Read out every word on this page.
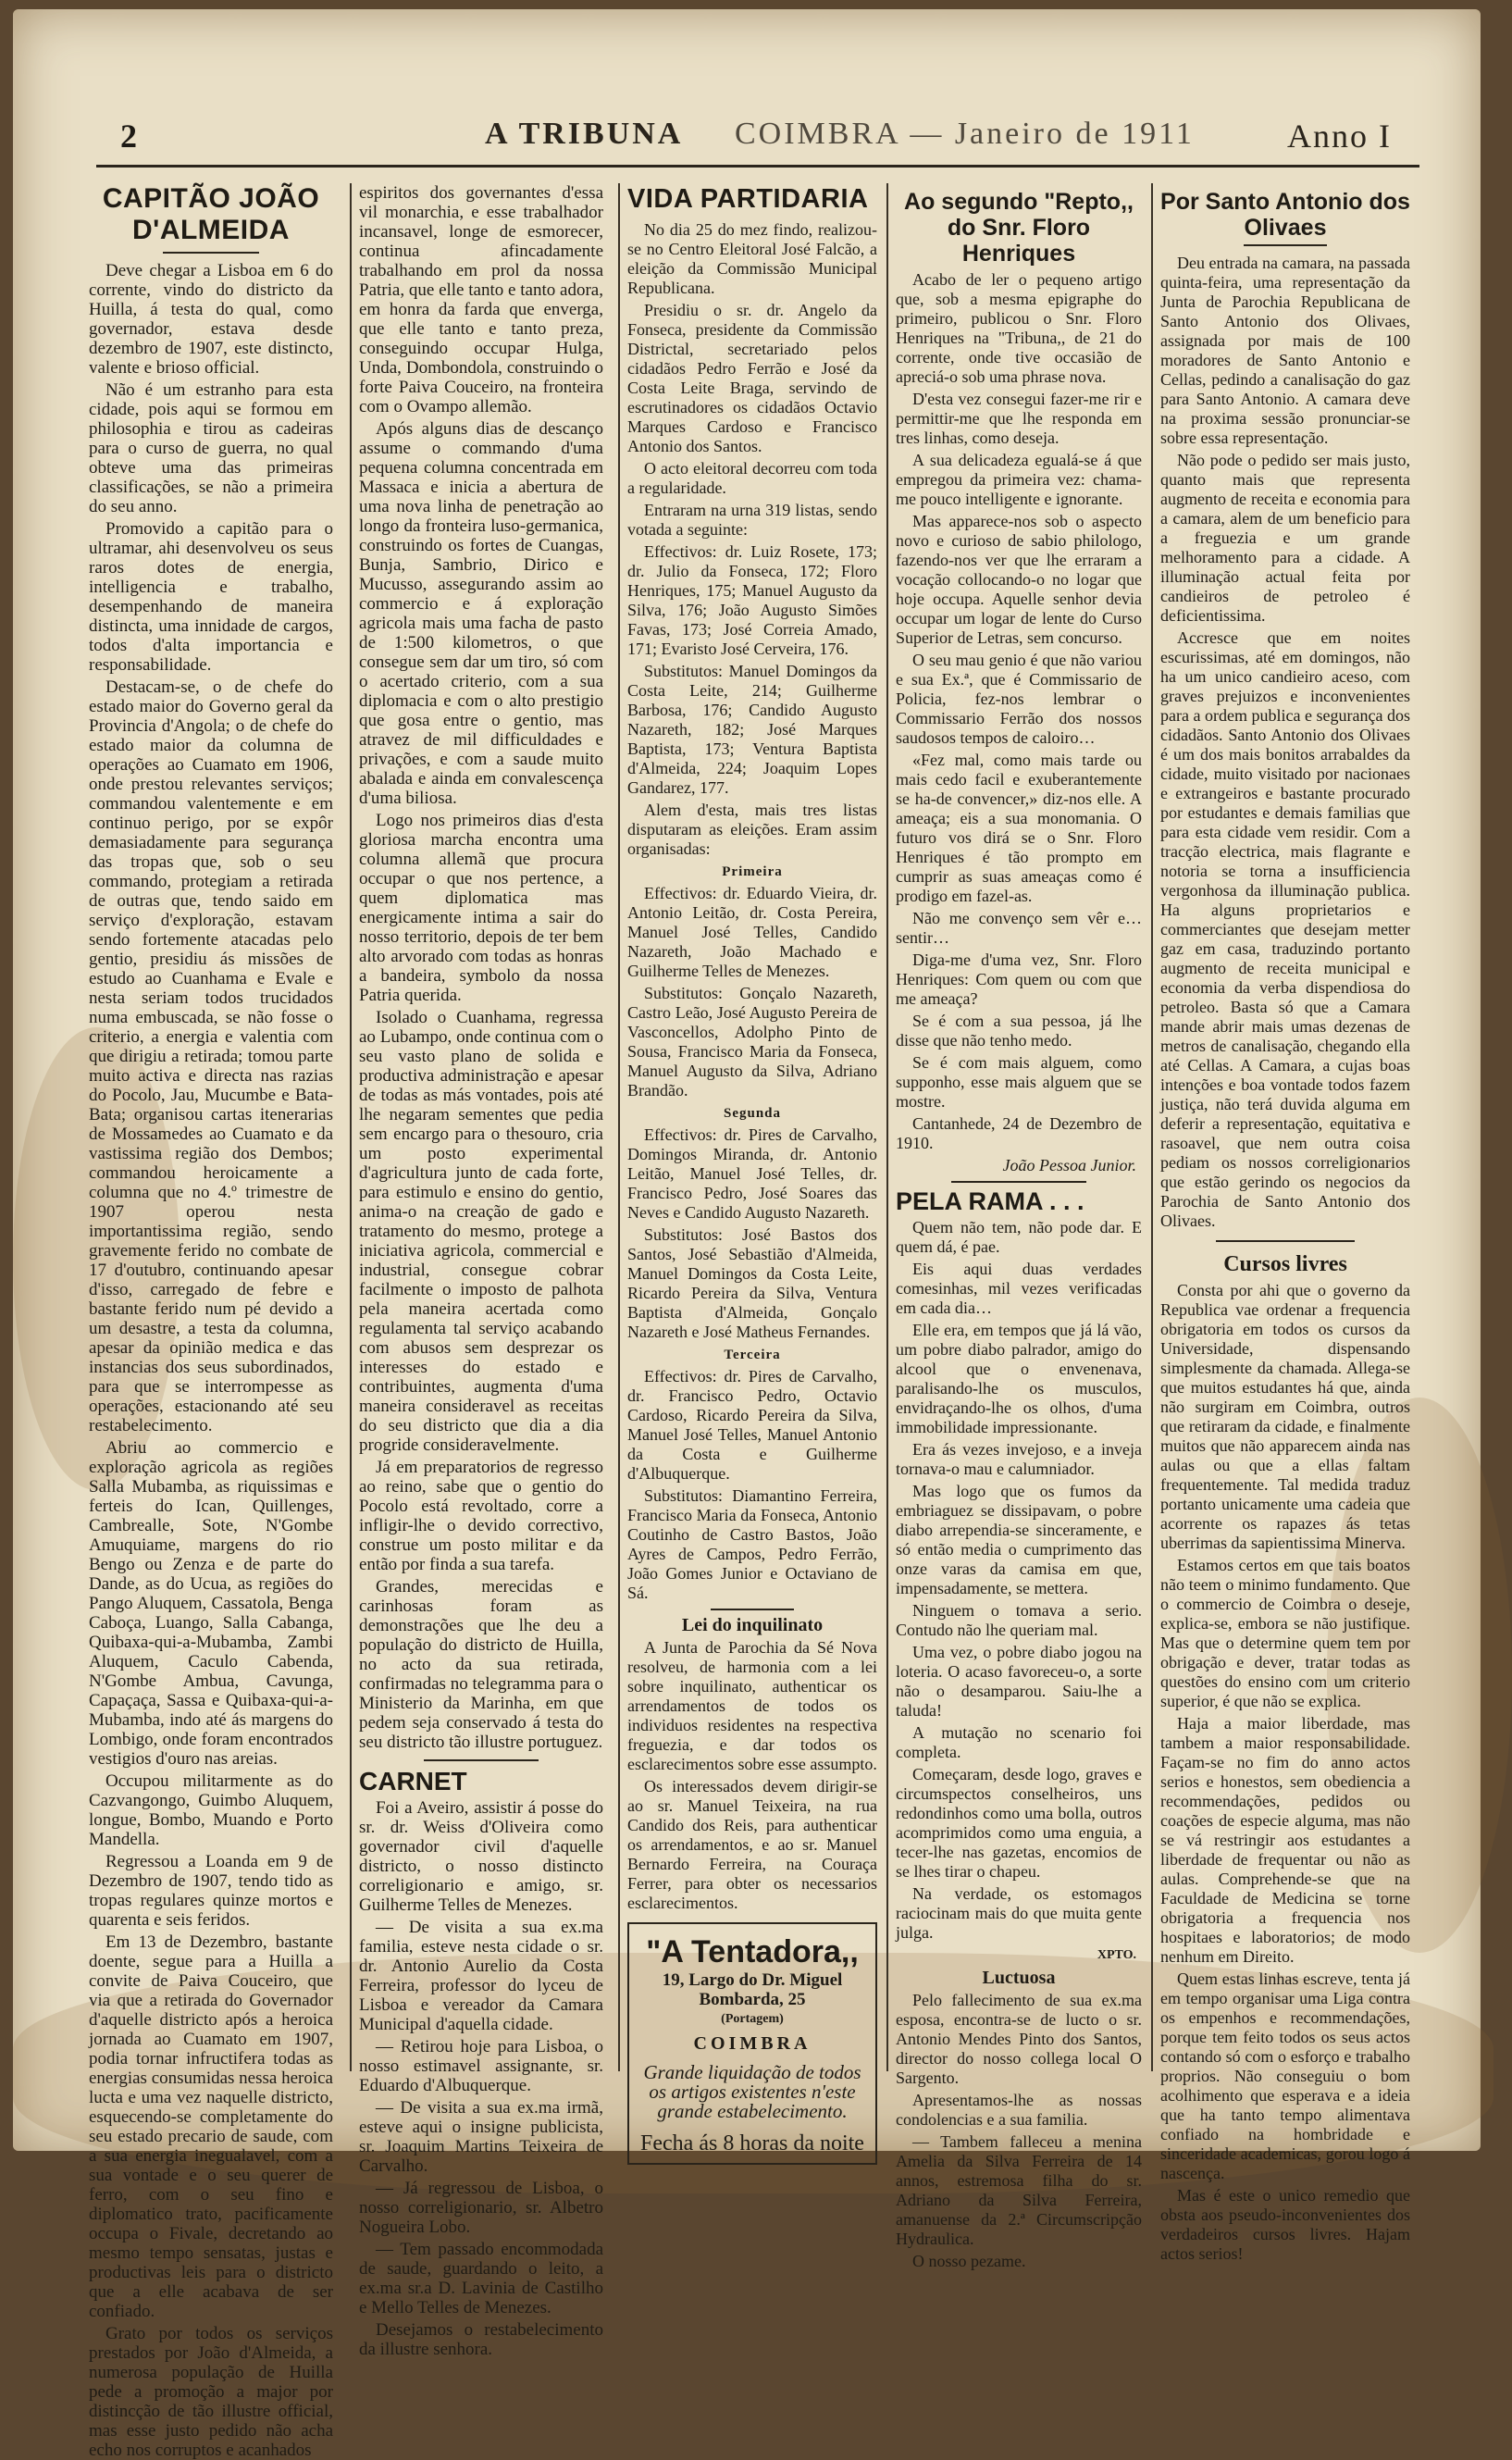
2	COIMBRA — Janeiro de 1911
A TRIBUNA	Anno I
CAPITÃO JOÃO D'ALMEIDA

Deve chegar a Lisboa em 6 do corrente, vindo do districto da Huilla, á testa do qual, como governador, estava desde dezembro de 1907, este distincto, valente e brioso official.

Não é um estranho para esta cidade, pois aqui se formou em philosophia e tirou as cadeiras para o curso de guerra, no qual obteve uma das primeiras classificações, se não a primeira do seu anno.

Promovido a capitão para o ultramar, ahi desenvolveu os seus raros dotes de energia, intelligencia e trabalho, desempenhando de maneira distincta, uma innidade de cargos, todos d'alta importancia e responsabilidade.

Destacam-se, o de chefe do estado maior do Governo geral da Provincia d'Angola; o de chefe do estado maior da columna de operações ao Cuamato em 1906, onde prestou relevantes serviços; commandou valentemente e em continuo perigo, por se expôr demasiadamente para segurança das tropas que, sob o seu commando, protegiam a retirada de outras que, tendo saido em serviço d'exploração, estavam sendo fortemente atacadas pelo gentio, presidiu ás missões de estudo ao Cuanhama e Evale e nesta seriam todos trucidados numa embuscada, se não fosse o criterio, a energia e valentia com que dirigiu a retirada; tomou parte muito activa e directa nas razias do Pocolo, Jau, Mucumbe e Bata-Bata; organisou cartas itenerarias de Mossamedes ao Cuamato e da vastissima região dos Dembos; commandou heroicamente a columna que no 4.º trimestre de 1907 operou nesta importantissima região, sendo gravemente ferido no combate de 17 d'outubro, continuando apesar d'isso, carregado de febre e bastante ferido num pé devido a um desastre, a testa da columna, apesar da opinião medica e das instancias dos seus subordinados, para que se interrompesse as operações, estacionando até seu restabelecimento.

Abriu ao commercio e exploração agricola as regiões Salla Mubamba, as riquissimas e ferteis do Ican, Quillenges, Cambrealle, Sote, N'Gombe Amuquiame, margens do rio Bengo ou Zenza e de parte do Dande, as do Ucua, as regiões do Pango Aluquem, Cassatola, Benga Caboça, Luango, Salla Cabanga, Quibaxa-qui-a-Mubamba, Zambi Aluquem, Caculo Cabenda, N'Gombe Ambua, Cavunga, Capaçaça, Sassa e Quibaxa-qui-a-Mubamba, indo até ás margens do Lombigo, onde foram encontrados vestigios d'ouro nas areias.

Occupou militarmente as do Cazvangongo, Guimbo Aluquem, longue, Bombo, Muando e Porto Mandella.

Regressou a Loanda em 9 de Dezembro de 1907, tendo tido as tropas regulares quinze mortos e quarenta e seis feridos.

Em 13 de Dezembro, bastante doente, segue para a Huilla a convite de Paiva Couceiro, que via que a retirada do Governador d'aquelle districto após a heroica jornada ao Cuamato em 1907, podia tornar infructifera todas as energias consumidas nessa heroica lucta e uma vez naquelle districto, esquecendo-se completamente do seu estado precario de saude, com a sua energia inegualavel, com a sua vontade e o seu querer de ferro, com o seu fino e diplomatico trato, pacificamente occupa o Fivale, decretando ao mesmo tempo sensatas, justas e productivas leis para o districto que a elle acabava de ser confiado.

Grato por todos os serviços prestados por João d'Almeida, a numerosa população de Huilla pede a promoção a major por distincção de tão illustre official, mas esse justo pedido não acha echo nos corruptos e acanhados

espiritos dos governantes d'essa vil monarchia, e esse trabalhador incansavel, longe de esmorecer, continua afincadamente trabalhando em prol da nossa Patria, que elle tanto e tanto adora, em honra da farda que enverga, que elle tanto e tanto preza, conseguindo occupar Hulga, Unda, Dombondola, construindo o forte Paiva Couceiro, na fronteira com o Ovampo allemão.

Após alguns dias de descanço assume o commando d'uma pequena columna concentrada em Massaca e inicia a abertura de uma nova linha de penetração ao longo da fronteira luso-germanica, construindo os fortes de Cuangas, Bunja, Sambrio, Dirico e Mucusso, assegurando assim ao commercio e á exploração agricola mais uma facha de pasto de 1:500 kilometros, o que consegue sem dar um tiro, só com o acertado criterio, com a sua diplomacia e com o alto prestigio que gosa entre o gentio, mas atravez de mil difficuldades e privações, e com a saude muito abalada e ainda em convalescença d'uma biliosa.

Logo nos primeiros dias d'esta gloriosa marcha encontra uma columna allemã que procura occupar o que nos pertence, a quem diplomatica mas energicamente intima a sair do nosso territorio, depois de ter bem alto arvorado com todas as honras a bandeira, symbolo da nossa Patria querida.

Isolado o Cuanhama, regressa ao Lubampo, onde continua com o seu vasto plano de solida e productiva administração e apesar de todas as más vontades, pois até lhe negaram sementes que pedia sem encargo para o thesouro, cria um posto experimental d'agricultura junto de cada forte, para estimulo e ensino do gentio, anima-o na creação de gado e tratamento do mesmo, protege a iniciativa agricola, commercial e industrial, consegue cobrar facilmente o imposto de palhota pela maneira acertada como regulamenta tal serviço acabando com abusos sem desprezar os interesses do estado e contribuintes, augmenta d'uma maneira consideravel as receitas do seu districto que dia a dia progride consideravelmente.

Já em preparatorios de regresso ao reino, sabe que o gentio do Pocolo está revoltado, corre a infligir-lhe o devido correctivo, construe um posto militar e da então por finda a sua tarefa.

Grandes, merecidas e carinhosas foram as demonstrações que lhe deu a população do districto de Huilla, no acto da sua retirada, confirmadas no telegramma para o Ministerio da Marinha, em que pedem seja conservado á testa do seu districto tão illustre portuguez.

CARNET

Foi a Aveiro, assistir á posse do sr. dr. Weiss d'Oliveira como governador civil d'aquelle districto, o nosso distincto correligionario e amigo, sr. Guilherme Telles de Menezes.

— De visita a sua ex.ma familia, esteve nesta cidade o sr. dr. Antonio Aurelio da Costa Ferreira, professor do lyceu de Lisboa e vereador da Camara Municipal d'aquella cidade.

— Retirou hoje para Lisboa, o nosso estimavel assignante, sr. Eduardo d'Albuquerque.

— De visita a sua ex.ma irmã, esteve aqui o insigne publicista, sr. Joaquim Martins Teixeira de Carvalho.

— Já regressou de Lisboa, o nosso correligionario, sr. Albetro Nogueira Lobo.

— Tem passado encommodada de saude, guardando o leito, a ex.ma sr.a D. Lavinia de Castilho e Mello Telles de Menezes.

Desejamos o restabelecimento da illustre senhora.

VIDA PARTIDARIA

No dia 25 do mez findo, realizou-se no Centro Eleitoral José Falcão, a eleição da Commissão Municipal Republicana.

Presidiu o sr. dr. Angelo da Fonseca, presidente da Commissão Districtal, secretariado pelos cidadãos Pedro Ferrão e José da Costa Leite Braga, servindo de escrutinadores os cidadãos Octavio Marques Cardoso e Francisco Antonio dos Santos.

O acto eleitoral decorreu com toda a regularidade.

Entraram na urna 319 listas, sendo votada a seguinte:

Effectivos: dr. Luiz Rosete, 173; dr. Julio da Fonseca, 172; Floro Henriques, 175; Manuel Augusto da Silva, 176; João Augusto Simões Favas, 173; José Correia Amado, 171; Evaristo José Cerveira, 176.

Substitutos: Manuel Domingos da Costa Leite, 214; Guilherme Barbosa, 176; Candido Augusto Nazareth, 182; José Marques Baptista, 173; Ventura Baptista d'Almeida, 224; Joaquim Lopes Gandarez, 177.

Alem d'esta, mais tres listas disputaram as eleições. Eram assim organisadas:

Primeira

Effectivos: dr. Eduardo Vieira, dr. Antonio Leitão, dr. Costa Pereira, Manuel José Telles, Candido Nazareth, João Machado e Guilherme Telles de Menezes.

Substitutos: Gonçalo Nazareth, Castro Leão, José Augusto Pereira de Vasconcellos, Adolpho Pinto de Sousa, Francisco Maria da Fonseca, Manuel Augusto da Silva, Adriano Brandão.

Segunda

Effectivos: dr. Pires de Carvalho, Domingos Miranda, dr. Antonio Leitão, Manuel José Telles, dr. Francisco Pedro, José Soares das Neves e Candido Augusto Nazareth.

Substitutos: José Bastos dos Santos, José Sebastião d'Almeida, Manuel Domingos da Costa Leite, Ricardo Pereira da Silva, Ventura Baptista d'Almeida, Gonçalo Nazareth e José Matheus Fernandes.

Terceira

Effectivos: dr. Pires de Carvalho, dr. Francisco Pedro, Octavio Cardoso, Ricardo Pereira da Silva, Manuel José Telles, Manuel Antonio da Costa e Guilherme d'Albuquerque.

Substitutos: Diamantino Ferreira, Francisco Maria da Fonseca, Antonio Coutinho de Castro Bastos, João Ayres de Campos, Pedro Ferrão, João Gomes Junior e Octaviano de Sá.

Lei do inquilinato

A Junta de Parochia da Sé Nova resolveu, de harmonia com a lei sobre inquilinato, authenticar os arrendamentos de todos os individuos residentes na respectiva freguezia, e dar todos os esclarecimentos sobre esse assumpto.

Os interessados devem dirigir-se ao sr. Manuel Teixeira, na rua Candido dos Reis, para authenticar os arrendamentos, e ao sr. Manuel Bernardo Ferreira, na Couraça Ferrer, para obter os necessarios esclarecimentos.

"A Tentadora,,
19, Largo do Dr. Miguel Bombarda, 25
(Portagem)
COIMBRA
Grande liquidação de todos os artigos existentes n'este grande estabelecimento.
Fecha ás 8 horas da noite
Ao segundo "Repto,, do Snr. Floro Henriques

Acabo de ler o pequeno artigo que, sob a mesma epigraphe do primeiro, publicou o Snr. Floro Henriques na "Tribuna,, de 21 do corrente, onde tive occasião de apreciá-o sob uma phrase nova.

D'esta vez consegui fazer-me rir e permittir-me que lhe responda em tres linhas, como deseja.

A sua delicadeza egualá-se á que empregou da primeira vez: chama-me pouco intelligente e ignorante.

Mas apparece-nos sob o aspecto novo e curioso de sabio philologo, fazendo-nos ver que lhe erraram a vocação collocando-o no logar que hoje occupa. Aquelle senhor devia occupar um logar de lente do Curso Superior de Letras, sem concurso.

O seu mau genio é que não variou e sua Ex.ª, que é Commissario de Policia, fez-nos lembrar o Commissario Ferrão dos nossos saudosos tempos de caloiro…

«Fez mal, como mais tarde ou mais cedo facil e exuberantemente se ha-de convencer,» diz-nos elle. A ameaça; eis a sua monomania. O futuro vos dirá se o Snr. Floro Henriques é tão prompto em cumprir as suas ameaças como é prodigo em fazel-as.

Não me convenço sem vêr e… sentir…

Diga-me d'uma vez, Snr. Floro Henriques: Com quem ou com que me ameaça?

Se é com a sua pessoa, já lhe disse que não tenho medo.

Se é com mais alguem, como supponho, esse mais alguem que se mostre.

Cantanhede, 24 de Dezembro de 1910.

João Pessoa Junior.
PELA RAMA . . .

Quem não tem, não pode dar. E quem dá, é pae.

Eis aqui duas verdades comesinhas, mil vezes verificadas em cada dia…

Elle era, em tempos que já lá vão, um pobre diabo palrador, amigo do alcool que o envenenava, paralisando-lhe os musculos, envidraçando-lhe os olhos, d'uma immobilidade impressionante.

Era ás vezes invejoso, e a inveja tornava-o mau e calumniador.

Mas logo que os fumos da embriaguez se dissipavam, o pobre diabo arrependia-se sinceramente, e só então media o cumprimento das onze varas da camisa em que, impensadamente, se mettera.

Ninguem o tomava a serio. Contudo não lhe queriam mal.

Uma vez, o pobre diabo jogou na loteria. O acaso favoreceu-o, a sorte não o desamparou. Saiu-lhe a taluda!

A mutação no scenario foi completa.

Começaram, desde logo, graves e circumspectos conselheiros, uns redondinhos como uma bolla, outros acomprimidos como uma enguia, a tecer-lhe nas gazetas, encomios de se lhes tirar o chapeu.

Na verdade, os estomagos raciocinam mais do que muita gente julga.

XPTO.
Luctuosa

Pelo fallecimento de sua ex.ma esposa, encontra-se de lucto o sr. Antonio Mendes Pinto dos Santos, director do nosso collega local O Sargento.

Apresentamos-lhe as nossas condolencias e a sua familia.

— Tambem falleceu a menina Amelia da Silva Ferreira de 14 annos, estremosa filha do sr. Adriano da Silva Ferreira, amanuense da 2.ª Circumscripção Hydraulica.

O nosso pezame.

Por Santo Antonio dos Olivaes

Deu entrada na camara, na passada quinta-feira, uma representação da Junta de Parochia Republicana de Santo Antonio dos Olivaes, assignada por mais de 100 moradores de Santo Antonio e Cellas, pedindo a canalisação do gaz para Santo Antonio. A camara deve na proxima sessão pronunciar-se sobre essa representação.

Não pode o pedido ser mais justo, quanto mais que representa augmento de receita e economia para a camara, alem de um beneficio para a freguezia e um grande melhoramento para a cidade. A illuminação actual feita por candieiros de petroleo é deficientissima.

Accresce que em noites escurissimas, até em domingos, não ha um unico candieiro aceso, com graves prejuizos e inconvenientes para a ordem publica e segurança dos cidadãos. Santo Antonio dos Olivaes é um dos mais bonitos arrabaldes da cidade, muito visitado por nacionaes e extrangeiros e bastante procurado por estudantes e demais familias que para esta cidade vem residir. Com a tracção electrica, mais flagrante e notoria se torna a insufficiencia vergonhosa da illuminação publica. Ha alguns proprietarios e commerciantes que desejam metter gaz em casa, traduzindo portanto augmento de receita municipal e economia da verba dispendiosa do petroleo. Basta só que a Camara mande abrir mais umas dezenas de metros de canalisação, chegando ella até Cellas. A Camara, a cujas boas intenções e boa vontade todos fazem justiça, não terá duvida alguma em deferir a representação, equitativa e rasoavel, que nem outra coisa pediam os nossos correligionarios que estão gerindo os negocios da Parochia de Santo Antonio dos Olivaes.

Cursos livres

Consta por ahi que o governo da Republica vae ordenar a frequencia obrigatoria em todos os cursos da Universidade, dispensando simplesmente da chamada. Allega-se que muitos estudantes há que, ainda não surgiram em Coimbra, outros que retiraram da cidade, e finalmente muitos que não apparecem ainda nas aulas ou que a ellas faltam frequentemente. Tal medida traduz portanto unicamente uma cadeia que acorrente os rapazes ás tetas uberrimas da sapientissima Minerva.

Estamos certos em que tais boatos não teem o minimo fundamento. Que o commercio de Coimbra o deseje, explica-se, embora se não justifique. Mas que o determine quem tem por obrigação e dever, tratar todas as questões do ensino com um criterio superior, é que não se explica.

Haja a maior liberdade, mas tambem a maior responsabilidade. Façam-se no fim do anno actos serios e honestos, sem obediencia a recommendações, pedidos ou coações de especie alguma, mas não se vá restringir aos estudantes a liberdade de frequentar ou não as aulas. Comprehende-se que na Faculdade de Medicina se torne obrigatoria a frequencia nos hospitaes e laboratorios; de modo nenhum em Direito.

Quem estas linhas escreve, tenta já em tempo organisar uma Liga contra os empenhos e recommendações, porque tem feito todos os seus actos contando só com o esforço e trabalho proprios. Não conseguiu o bom acolhimento que esperava e a ideia que ha tanto tempo alimentava confiado na hombridade e sinceridade academicas, gorou logo á nascença.

Mas é este o unico remedio que obsta aos pseudo-inconvenientes dos verdadeiros cursos livres. Hajam actos serios!
